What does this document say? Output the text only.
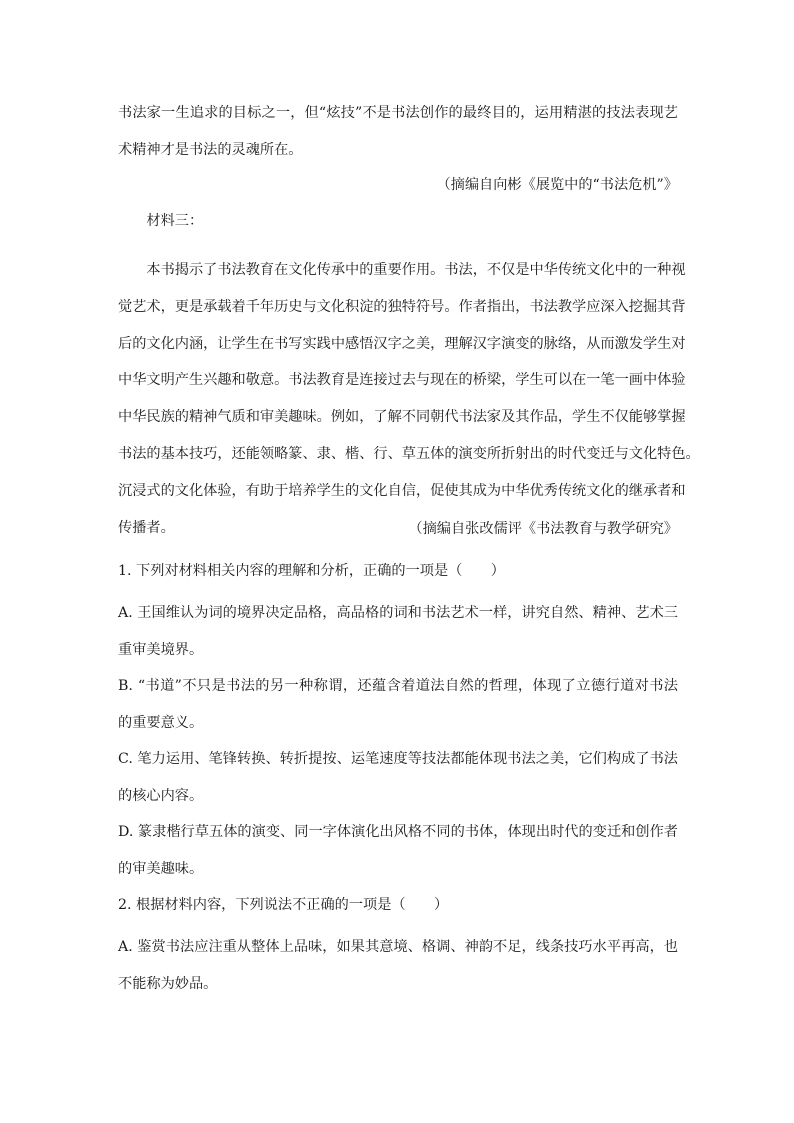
书法家一生追求的目标之一，但“炫技”不是书法创作的最终目的，运用精湛的技法表现艺
术精神才是书法的灵魂所在。

（摘编自向彬《展览中的“书法危机”》

材料三：

本书揭示了书法教育在文化传承中的重要作用。书法，不仅是中华传统文化中的一种视
觉艺术，更是承载着千年历史与文化积淀的独特符号。作者指出，书法教学应深入挖掘其背
后的文化内涵，让学生在书写实践中感悟汉字之美，理解汉字演变的脉络，从而激发学生对
中华文明产生兴趣和敬意。书法教育是连接过去与现在的桥梁，学生可以在一笔一画中体验
中华民族的精神气质和审美趣味。例如，了解不同朝代书法家及其作品，学生不仅能够掌握
书法的基本技巧，还能领略篆、隶、楷、行、草五体的演变所折射出的时代变迁与文化特色。
沉浸式的文化体验，有助于培养学生的文化自信，促使其成为中华优秀传统文化的继承者和
传播者。	（摘编自张改儒评《书法教育与教学研究》

1. 下列对材料相关内容的理解和分析，正确的一项是（　　）

A. 王国维认为词的境界决定品格，高品格的词和书法艺术一样，讲究自然、精神、艺术三
重审美境界。

B. “书道”不只是书法的另一种称谓，还蕴含着道法自然的哲理，体现了立德行道对书法
的重要意义。

C. 笔力运用、笔锋转换、转折提按、运笔速度等技法都能体现书法之美，它们构成了书法
的核心内容。

D. 篆隶楷行草五体的演变、同一字体演化出风格不同的书体，体现出时代的变迁和创作者
的审美趣味。

2. 根据材料内容，下列说法不正确的一项是（　　）

A. 鉴赏书法应注重从整体上品味，如果其意境、格调、神韵不足，线条技巧水平再高，也
不能称为妙品。
